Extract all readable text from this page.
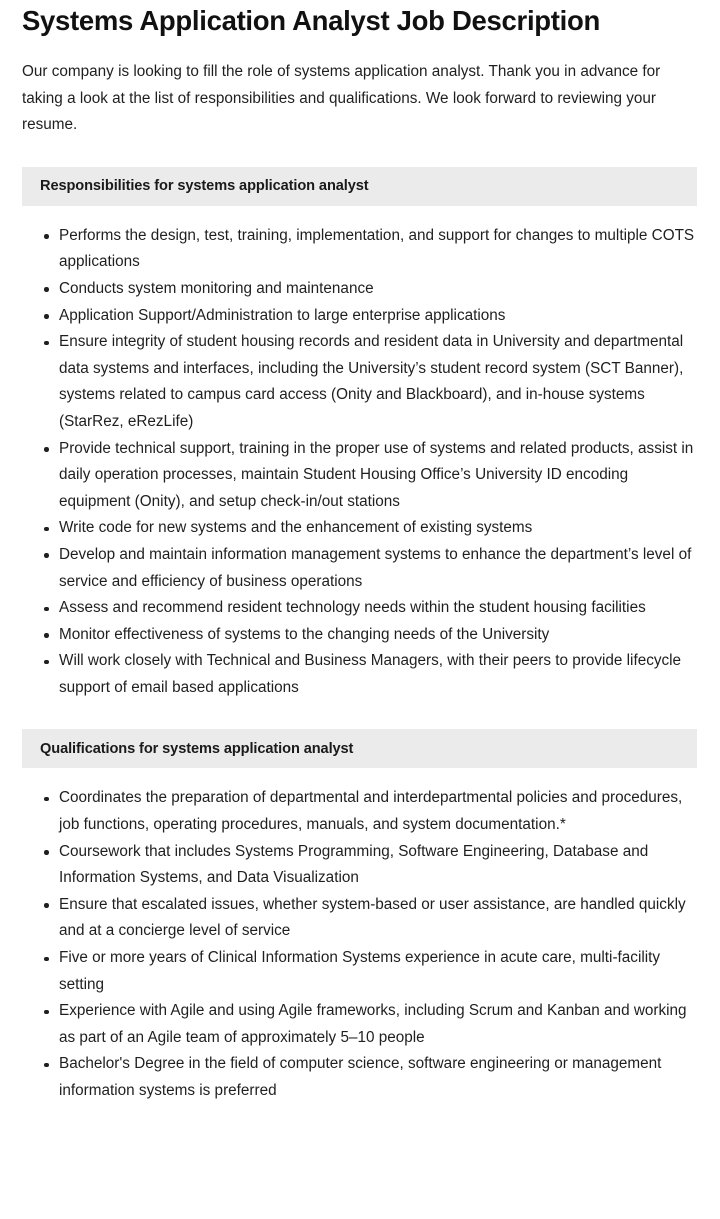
Systems Application Analyst Job Description

Our company is looking to fill the role of systems application analyst. Thank you in advance for taking a look at the list of responsibilities and qualifications. We look forward to reviewing your resume.

Responsibilities for systems application analyst
Performs the design, test, training, implementation, and support for changes to multiple COTS applications
Conducts system monitoring and maintenance
Application Support/Administration to large enterprise applications
Ensure integrity of student housing records and resident data in University and departmental data systems and interfaces, including the University’s student record system (SCT Banner), systems related to campus card access (Onity and Blackboard), and in-house systems (StarRez, eRezLife)
Provide technical support, training in the proper use of systems and related products, assist in daily operation processes, maintain Student Housing Office’s University ID encoding equipment (Onity), and setup check-in/out stations
Write code for new systems and the enhancement of existing systems
Develop and maintain information management systems to enhance the department’s level of service and efficiency of business operations
Assess and recommend resident technology needs within the student housing facilities
Monitor effectiveness of systems to the changing needs of the University
Will work closely with Technical and Business Managers, with their peers to provide lifecycle support of email based applications
Qualifications for systems application analyst
Coordinates the preparation of departmental and interdepartmental policies and procedures, job functions, operating procedures, manuals, and system documentation.*
Coursework that includes Systems Programming, Software Engineering, Database and Information Systems, and Data Visualization
Ensure that escalated issues, whether system-based or user assistance, are handled quickly and at a concierge level of service
Five or more years of Clinical Information Systems experience in acute care, multi-facility setting
Experience with Agile and using Agile frameworks, including Scrum and Kanban and working as part of an Agile team of approximately 5–10 people
Bachelor's Degree in the field of computer science, software engineering or management information systems is preferred
